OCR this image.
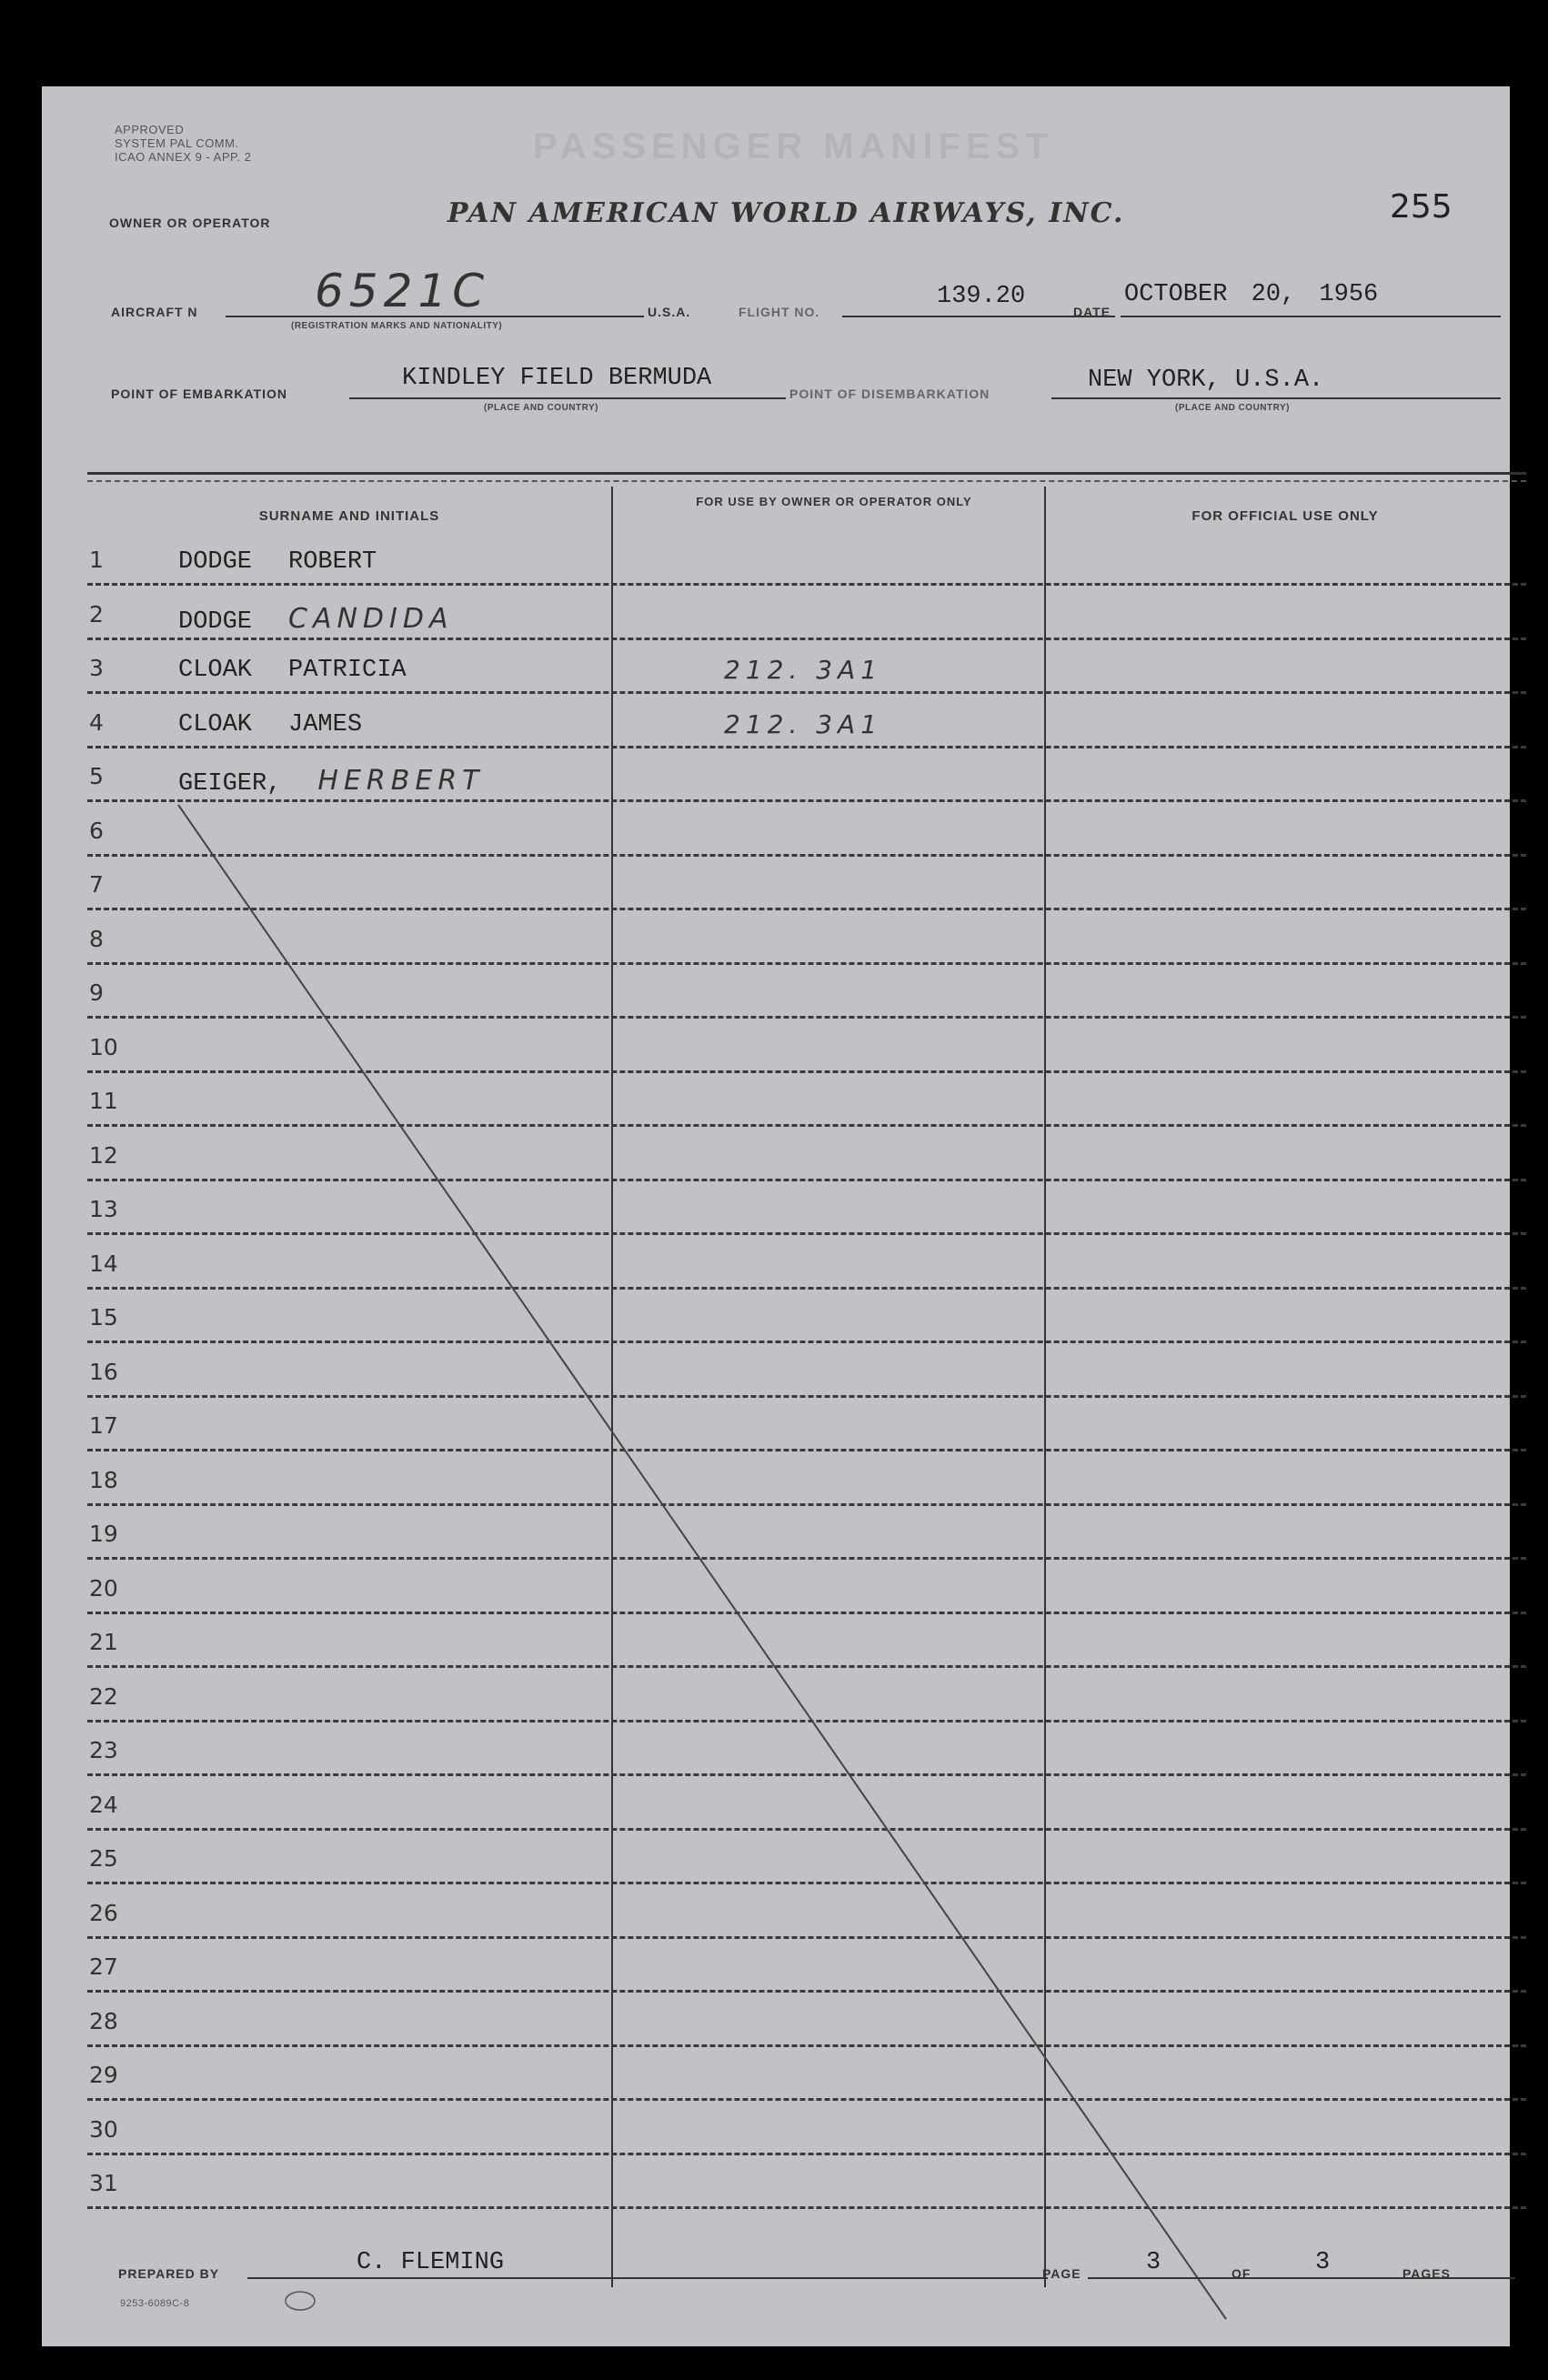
APPROVED
SYSTEM PAL COMM.
ICAO ANNEX 9 - APP. 2	PASSENGER MANIFEST
OWNER OR OPERATOR	PAN AMERICAN WORLD AIRWAYS, INC.	255
AIRCRAFT N	6521C
(REGISTRATION MARKS AND NATIONALITY)
U.S.A.	FLIGHT NO.
139.20
DATE
OCTOBER 20, 1956
POINT OF EMBARKATION
KINDLEY FIELD BERMUDA
(PLACE AND COUNTRY)
POINT OF DISEMBARKATION	NEW YORK, U.S.A.
(PLACE AND COUNTRY)
SURNAME AND INITIALS
FOR USE BY OWNER OR OPERATOR ONLY
FOR OFFICIAL USE ONLY
1	DODGE ROBERT
2	DODGE CANDIDA
3	CLOAK PATRICIA	212. 3A1
4	CLOAK JAMES	212. 3A1
5	GEIGER, HERBERT
6
7
8
9
10
11
12
13
14
15
16
17
18
19
20
21
22
23
24
25
26
27
28
29
30
31
PREPARED BY	C. FLEMING	PAGE	3	OF	3	PAGES
9253-6089C-8
